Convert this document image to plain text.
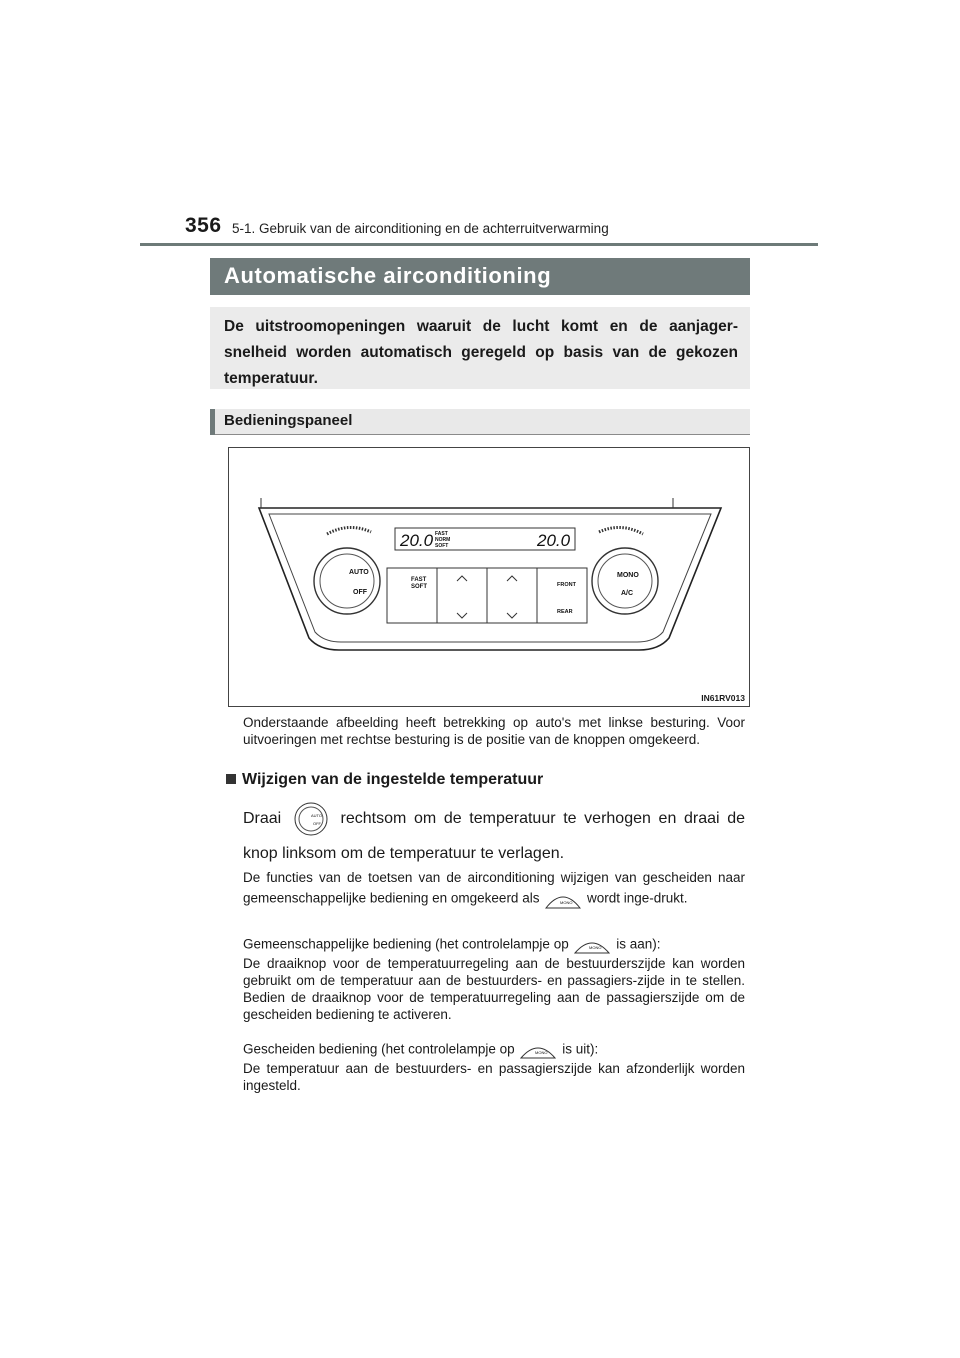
356 5-1. Gebruik van de airconditioning en de achterruitverwarming
Automatische airconditioning
De uitstroomopeningen waaruit de lucht komt en de aanjager-snelheid worden automatisch geregeld op basis van de gekozen temperatuur.
Bedieningspaneel
20.0 FAST
NORM
SOFT	20.0
AUTO
OFF
FAST
SOFT	FRONT
REAR
MONO
A/C
IN61RV013
Onderstaande afbeelding heeft betrekking op auto's met linkse besturing. Voor uitvoeringen met rechtse besturing is de positie van de knoppen omgekeerd.
Wijzigen van de ingestelde temperatuur
Draai	AUTO
OFF rechtsom om de temperatuur te verhogen en draai de knop linksom om de temperatuur te verlagen.
De functies van de toetsen van de airconditioning wijzigen van gescheiden naar gemeenschappelijke bediening en omgekeerd als	MONO wordt inge-drukt.
Gemeenschappelijke bediening (het controlelampje op	MONO is aan):
De draaiknop voor de temperatuurregeling aan de bestuurderszijde kan worden gebruikt om de temperatuur aan de bestuurders- en passagiers-zijde in te stellen. Bedien de draaiknop voor de temperatuurregeling aan de passagierszijde om de gescheiden bediening te activeren.
Gescheiden bediening (het controlelampje op	MONO is uit):
De temperatuur aan de bestuurders- en passagierszijde kan afzonderlijk worden ingesteld.
